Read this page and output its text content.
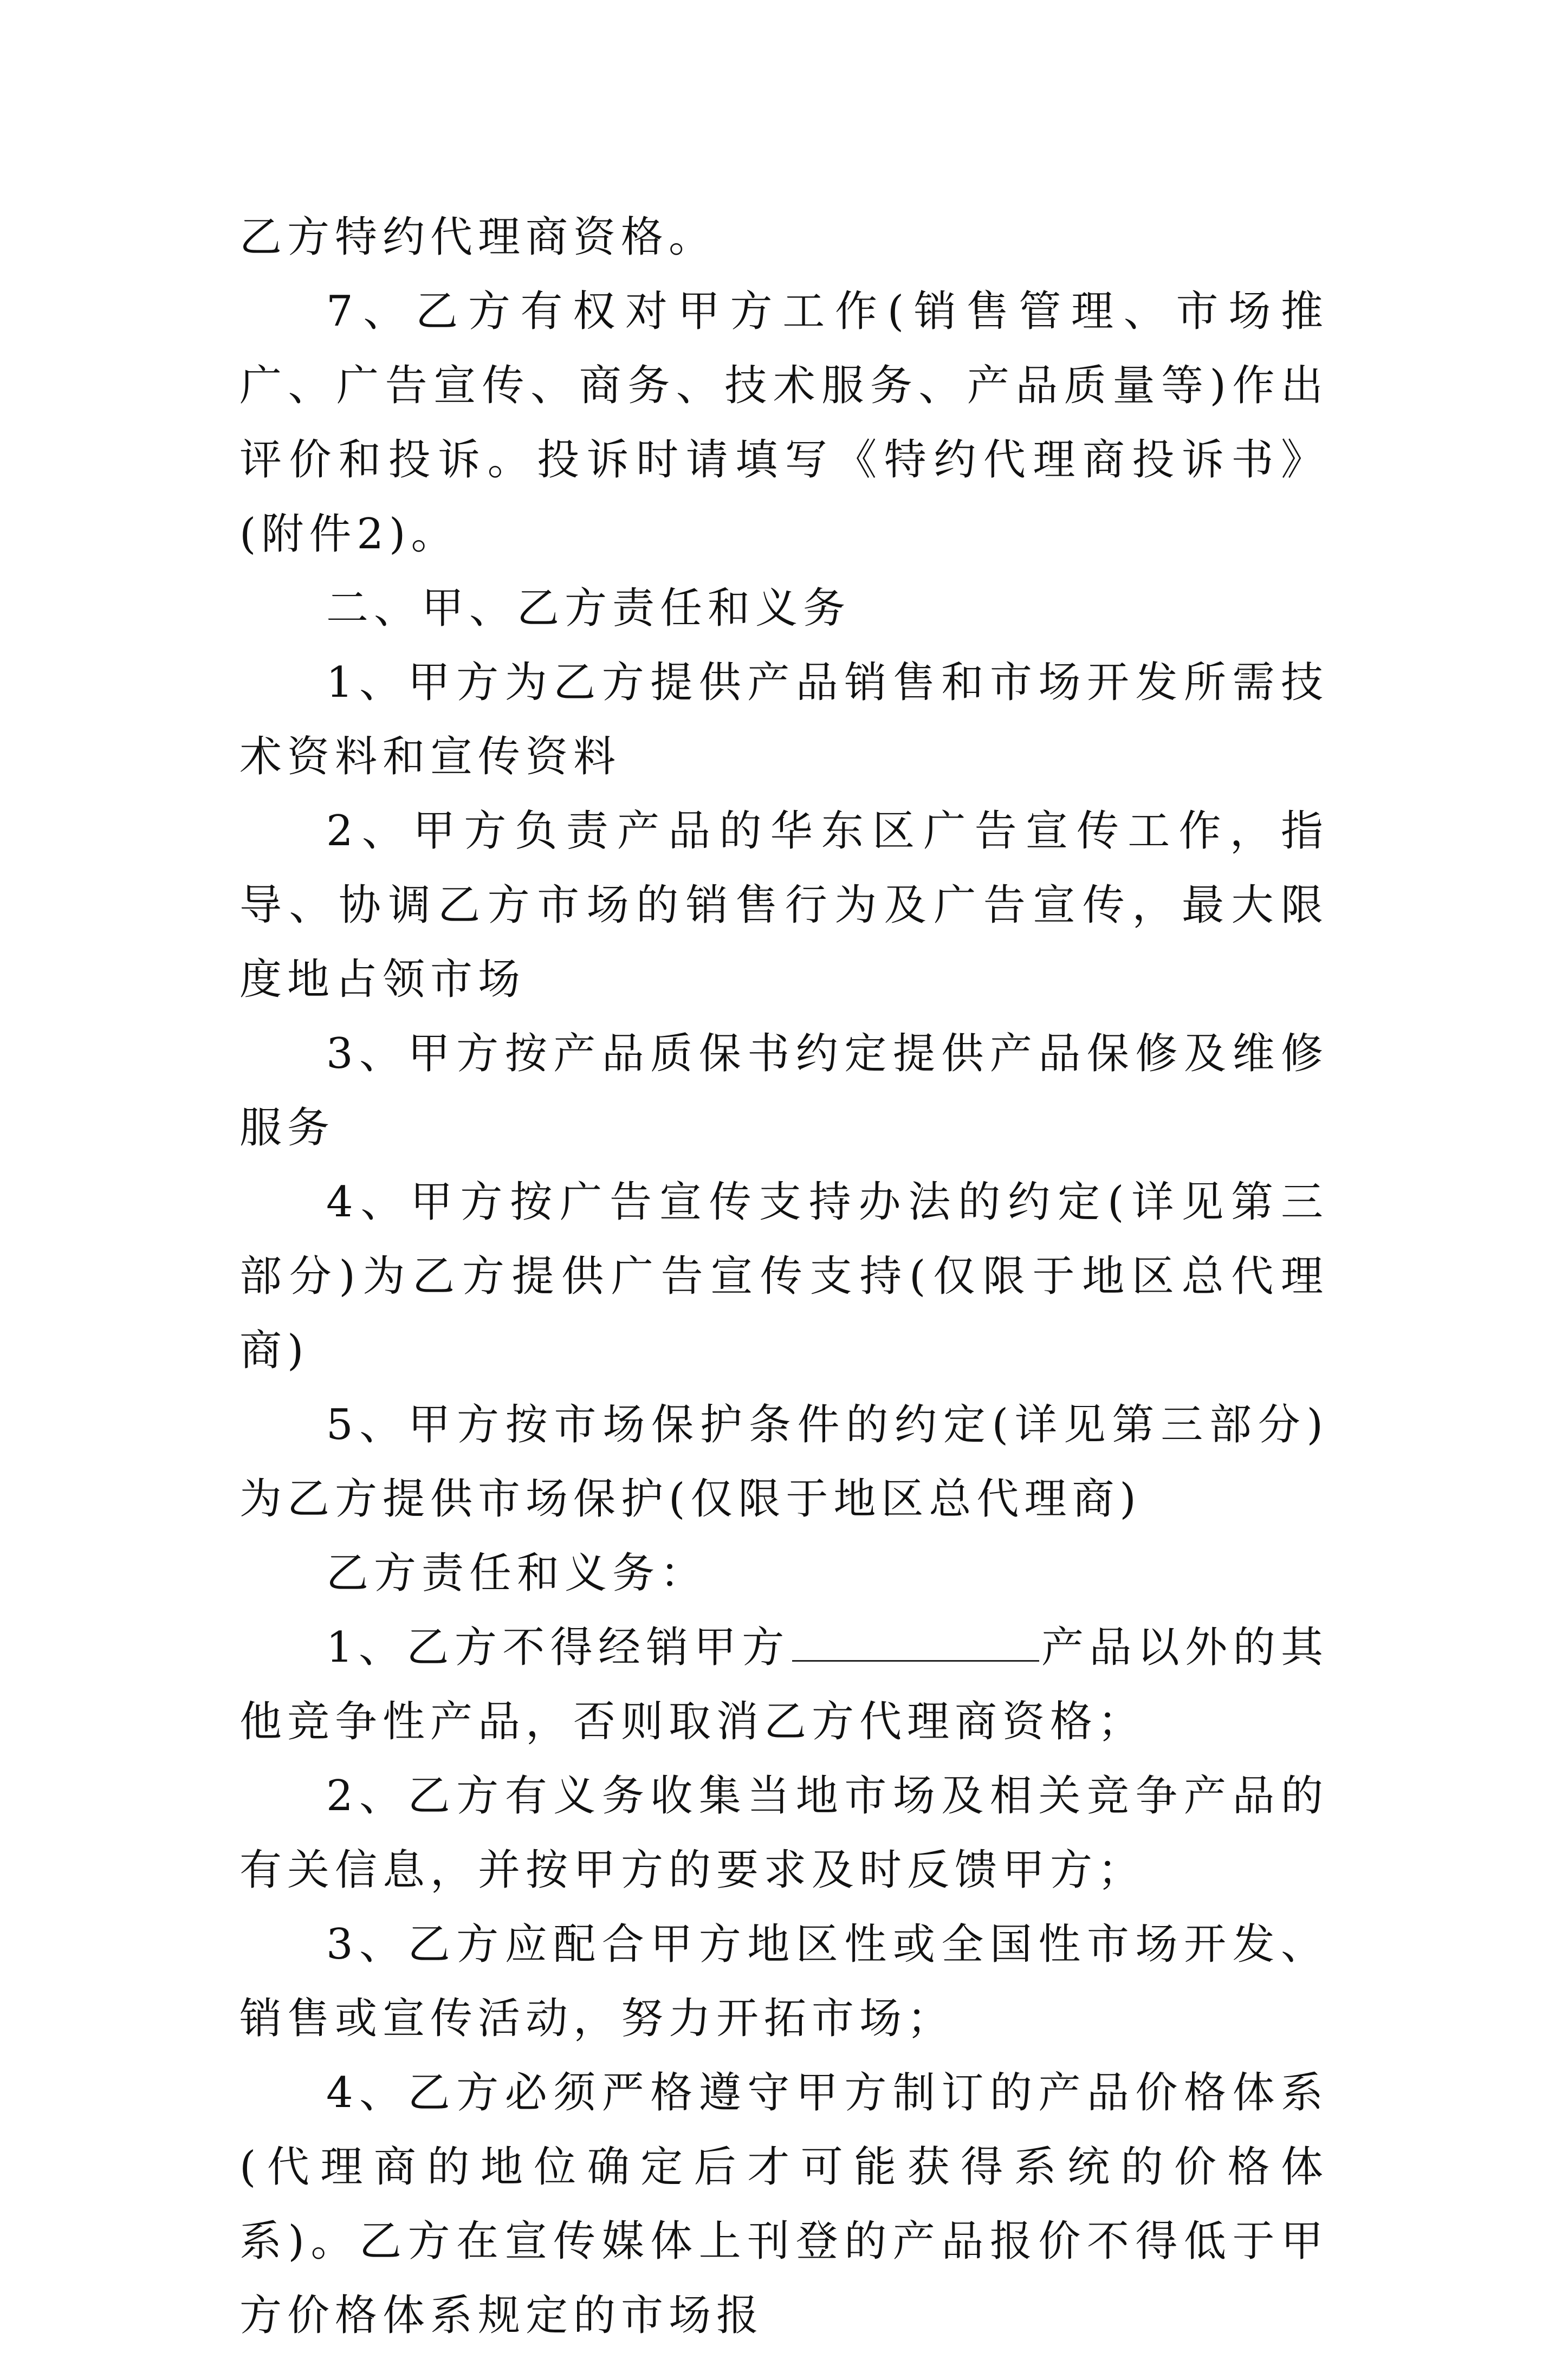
乙方特约代理商资格。

7、乙方有权对甲方工作(销售管理、市场推广、广告宣传、商务、技术服务、产品质量等)作出评价和投诉。投诉时请填写《特约代理商投诉书》(附件2)。

二、甲、乙方责任和义务

1、甲方为乙方提供产品销售和市场开发所需技术资料和宣传资料

2、甲方负责产品的华东区广告宣传工作，指导、协调乙方市场的销售行为及广告宣传，最大限度地占领市场

3、甲方按产品质保书约定提供产品保修及维修服务

4、甲方按广告宣传支持办法的约定(详见第三部分)为乙方提供广告宣传支持(仅限于地区总代理商)

5、甲方按市场保护条件的约定(详见第三部分)为乙方提供市场保护(仅限于地区总代理商)

乙方责任和义务：

1、乙方不得经销甲方	产品以外的其他竞争性产品，否则取消乙方代理商资格；

2、乙方有义务收集当地市场及相关竞争产品的有关信息，并按甲方的要求及时反馈甲方；

3、乙方应配合甲方地区性或全国性市场开发、销售或宣传活动，努力开拓市场；

4、乙方必须严格遵守甲方制订的产品价格体系(代理商的地位确定后才可能获得系统的价格体系)。乙方在宣传媒体上刊登的产品报价不得低于甲方价格体系规定的市场报
